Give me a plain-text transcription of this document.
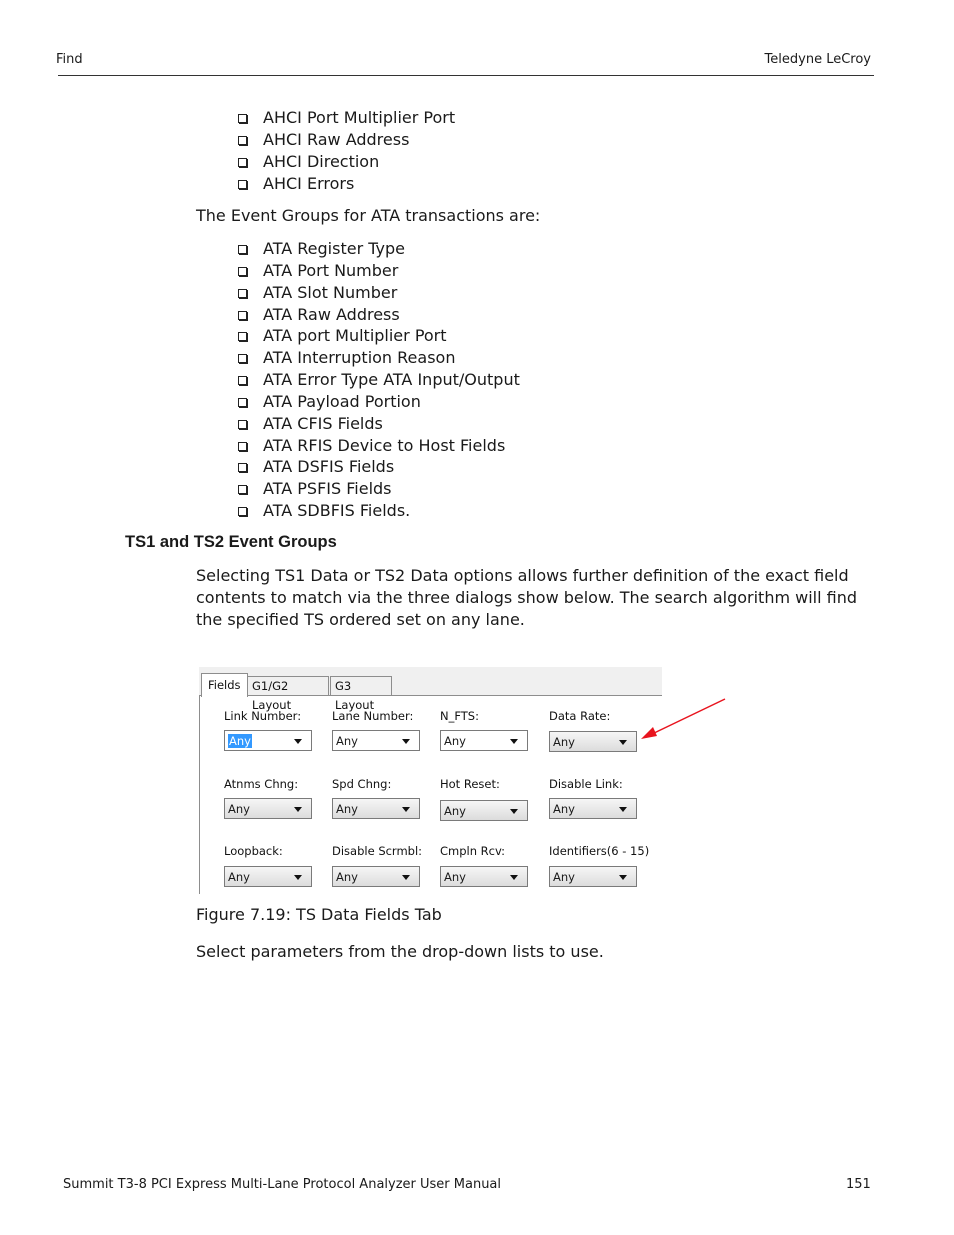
Find	Teledyne LeCroy
AHCI Port Multiplier Port
AHCI Raw Address
AHCI Direction
AHCI Errors
The Event Groups for ATA transactions are:
ATA Register Type
ATA Port Number
ATA Slot Number
ATA Raw Address
ATA port Multiplier Port
ATA Interruption Reason
ATA Error Type ATA Input/Output
ATA Payload Portion
ATA CFIS Fields
ATA RFIS Device to Host Fields
ATA DSFIS Fields
ATA PSFIS Fields
ATA SDBFIS Fields.
TS1 and TS2 Event Groups
Selecting TS1 Data or TS2 Data options allows further definition of the exact field contents to match via the three dialogs show below. The search algorithm will find the specified TS ordered set on any lane.
Fields G1/G2 Layout
G3 Layout
Link Number:
Any
Lane Number:
Any
N_FTS:
Any
Data Rate:
Any
Atnms Chng:
Any
Spd Chng:
Any
Hot Reset:
Any
Disable Link:
Any
Loopback:
Any
Disable Scrmbl:
Any
Cmpln Rcv:
Any
Identifiers(6 - 15)
Any
Figure 7.19: TS Data Fields Tab
Select parameters from the drop-down lists to use.
Summit T3-8 PCI Express Multi-Lane Protocol Analyzer User Manual	151
